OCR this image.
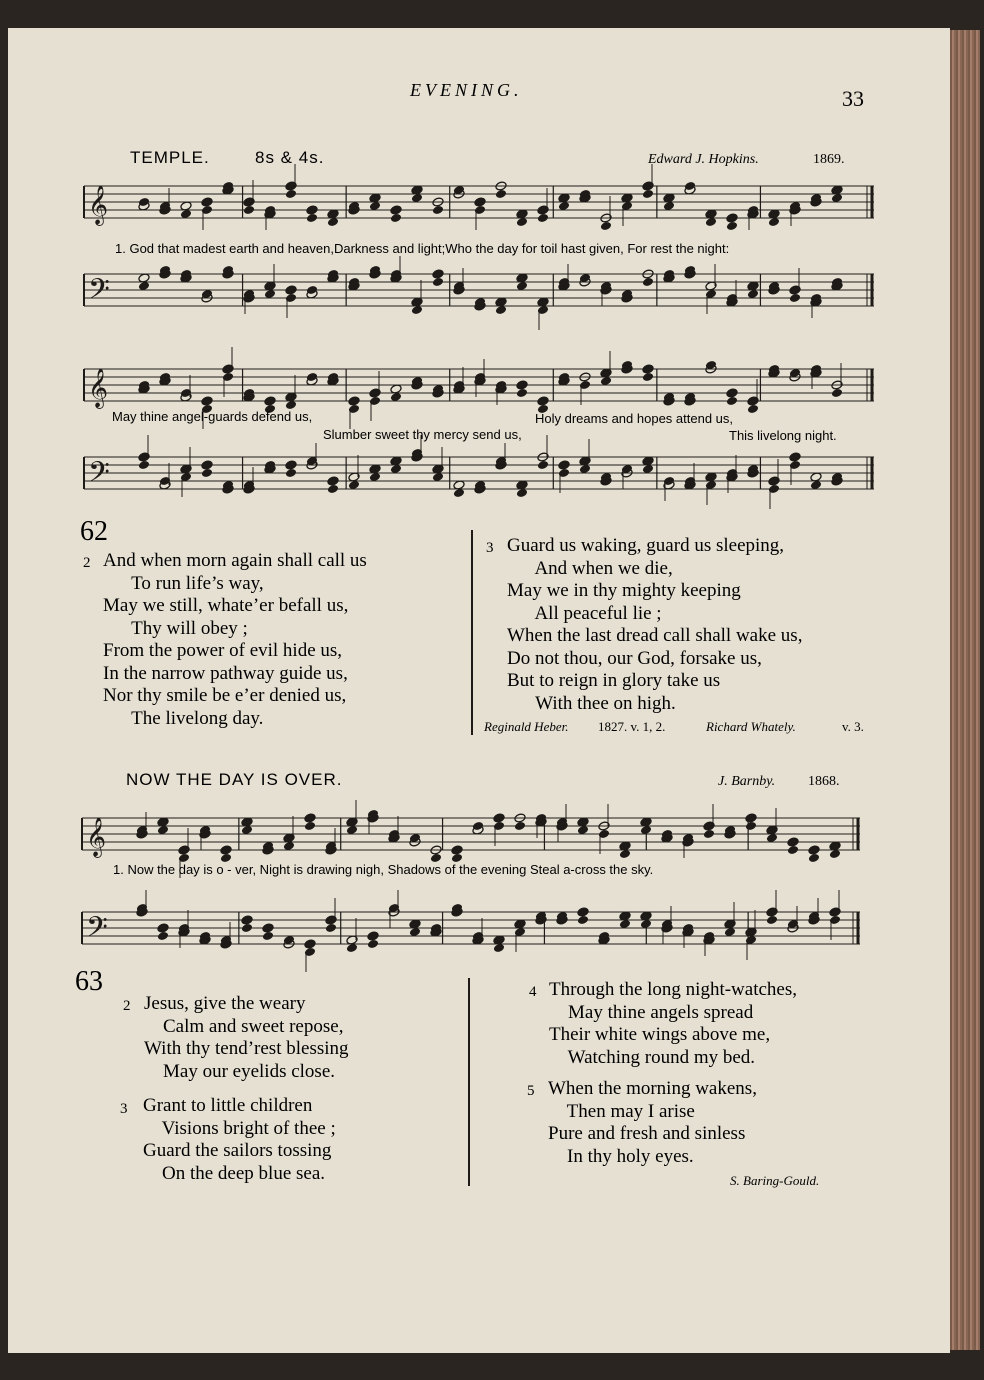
EVENING.	33
TEMPLE.	8s & 4s.	Edward J. Hopkins.	1869.
𝄞
1. God that madest earth and heaven,Darkness and light;Who the day for toil hast given, For rest the night:
𝄢
𝄞
May thine angel-guards defend us,	Holy dreams and hopes attend us,
Slumber sweet thy mercy send us,	This livelong night.
𝄢
62
2 And when morn again shall call us
To run life’s way,
May we still, whate’er befall us,
Thy will obey ;
From the power of evil hide us,
In the narrow pathway guide us,
Nor thy smile be e’er denied us,
The livelong day.
3 Guard us waking, guard us sleeping,
And when we die,
May we in thy mighty keeping
All peaceful lie ;
When the last dread call shall wake us,
Do not thou, our God, forsake us,
But to reign in glory take us
With thee on high.
Reginald Heber. 1827. v. 1, 2.	Richard Whately.	v. 3.
NOW THE DAY IS OVER.	J. Barnby. 1868.
𝄞
1. Now the day is o - ver, Night is drawing nigh, Shadows of the evening Steal a-cross the sky.
𝄢
63
2 Jesus, give the weary
Calm and sweet repose,
With thy tend’rest blessing
May our eyelids close.
3 Grant to little children
Visions bright of thee ;
Guard the sailors tossing
On the deep blue sea.
4 Through the long night-watches,
May thine angels spread
Their white wings above me,
Watching round my bed.
5 When the morning wakens,
Then may I arise
Pure and fresh and sinless
In thy holy eyes.
S. Baring-Gould.
